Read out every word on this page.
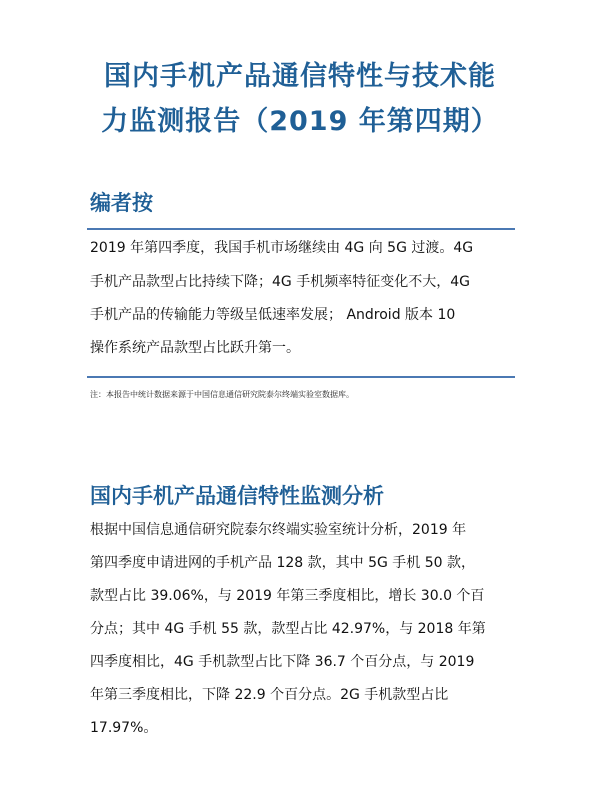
国内手机产品通信特性与技术能
力监测报告（2019 年第四期）
编者按
2019 年第四季度，我国手机市场继续由 4G 向 5G 过渡。4G
手机产品款型占比持续下降；4G 手机频率特征变化不大，4G
手机产品的传输能力等级呈低速率发展； Android 版本 10
操作系统产品款型占比跃升第一。
注：本报告中统计数据来源于中国信息通信研究院泰尔终端实验室数据库。
国内手机产品通信特性监测分析
根据中国信息通信研究院泰尔终端实验室统计分析，2019 年
第四季度申请进网的手机产品 128 款，其中 5G 手机 50 款，
款型占比 39.06%，与 2019 年第三季度相比，增长 30.0 个百
分点；其中 4G 手机 55 款，款型占比 42.97%，与 2018 年第
四季度相比，4G 手机款型占比下降 36.7 个百分点，与 2019
年第三季度相比，下降 22.9 个百分点。2G 手机款型占比
17.97%。
